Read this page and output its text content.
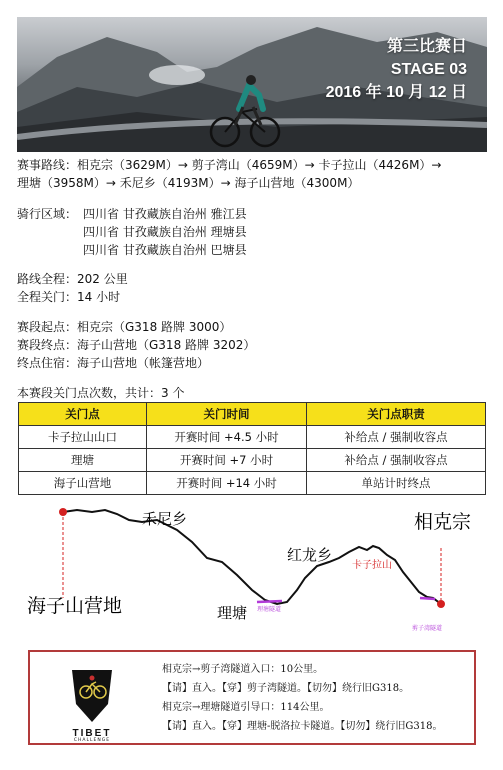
第三比赛日
STAGE 03
2016 年 10 月 12 日
赛事路线：相克宗（3629M）→ 剪子湾山（4659M）→ 卡子拉山（4426M）→
理塘（3958M）→ 禾尼乡（4193M）→ 海子山营地（4300M）
骑行区域： 四川省 甘孜藏族自治州 雅江县
四川省 甘孜藏族自治州 理塘县
四川省 甘孜藏族自治州 巴塘县
路线全程：202 公里
全程关门：14 小时
赛段起点：相克宗（G318 路牌 3000）
赛段终点：海子山营地（G318 路牌 3202）
终点住宿：海子山营地（帐篷营地）
本赛段关门点次数，共计：3 个
关门点	关门时间	关门点职责
卡子拉山山口	开赛时间 +4.5 小时	补给点 / 强制收容点
理塘	开赛时间 +7 小时	补给点 / 强制收容点
海子山营地	开赛时间 +14 小时	单站计时终点
海子山营地
相克宗
禾尼乡
红龙乡
卡子拉山
理塘 理塘隧道
剪子湾隧道
TIBET
CHALLENGE
相克宗→剪子湾隧道入口：10公里。
【请】直入。【穿】剪子湾隧道。【切勿】绕行旧G318。
相克宗→理塘隧道引导口：114公里。
【请】直入。【穿】理塘-脱洛拉卡隧道。【切勿】绕行旧G318。
